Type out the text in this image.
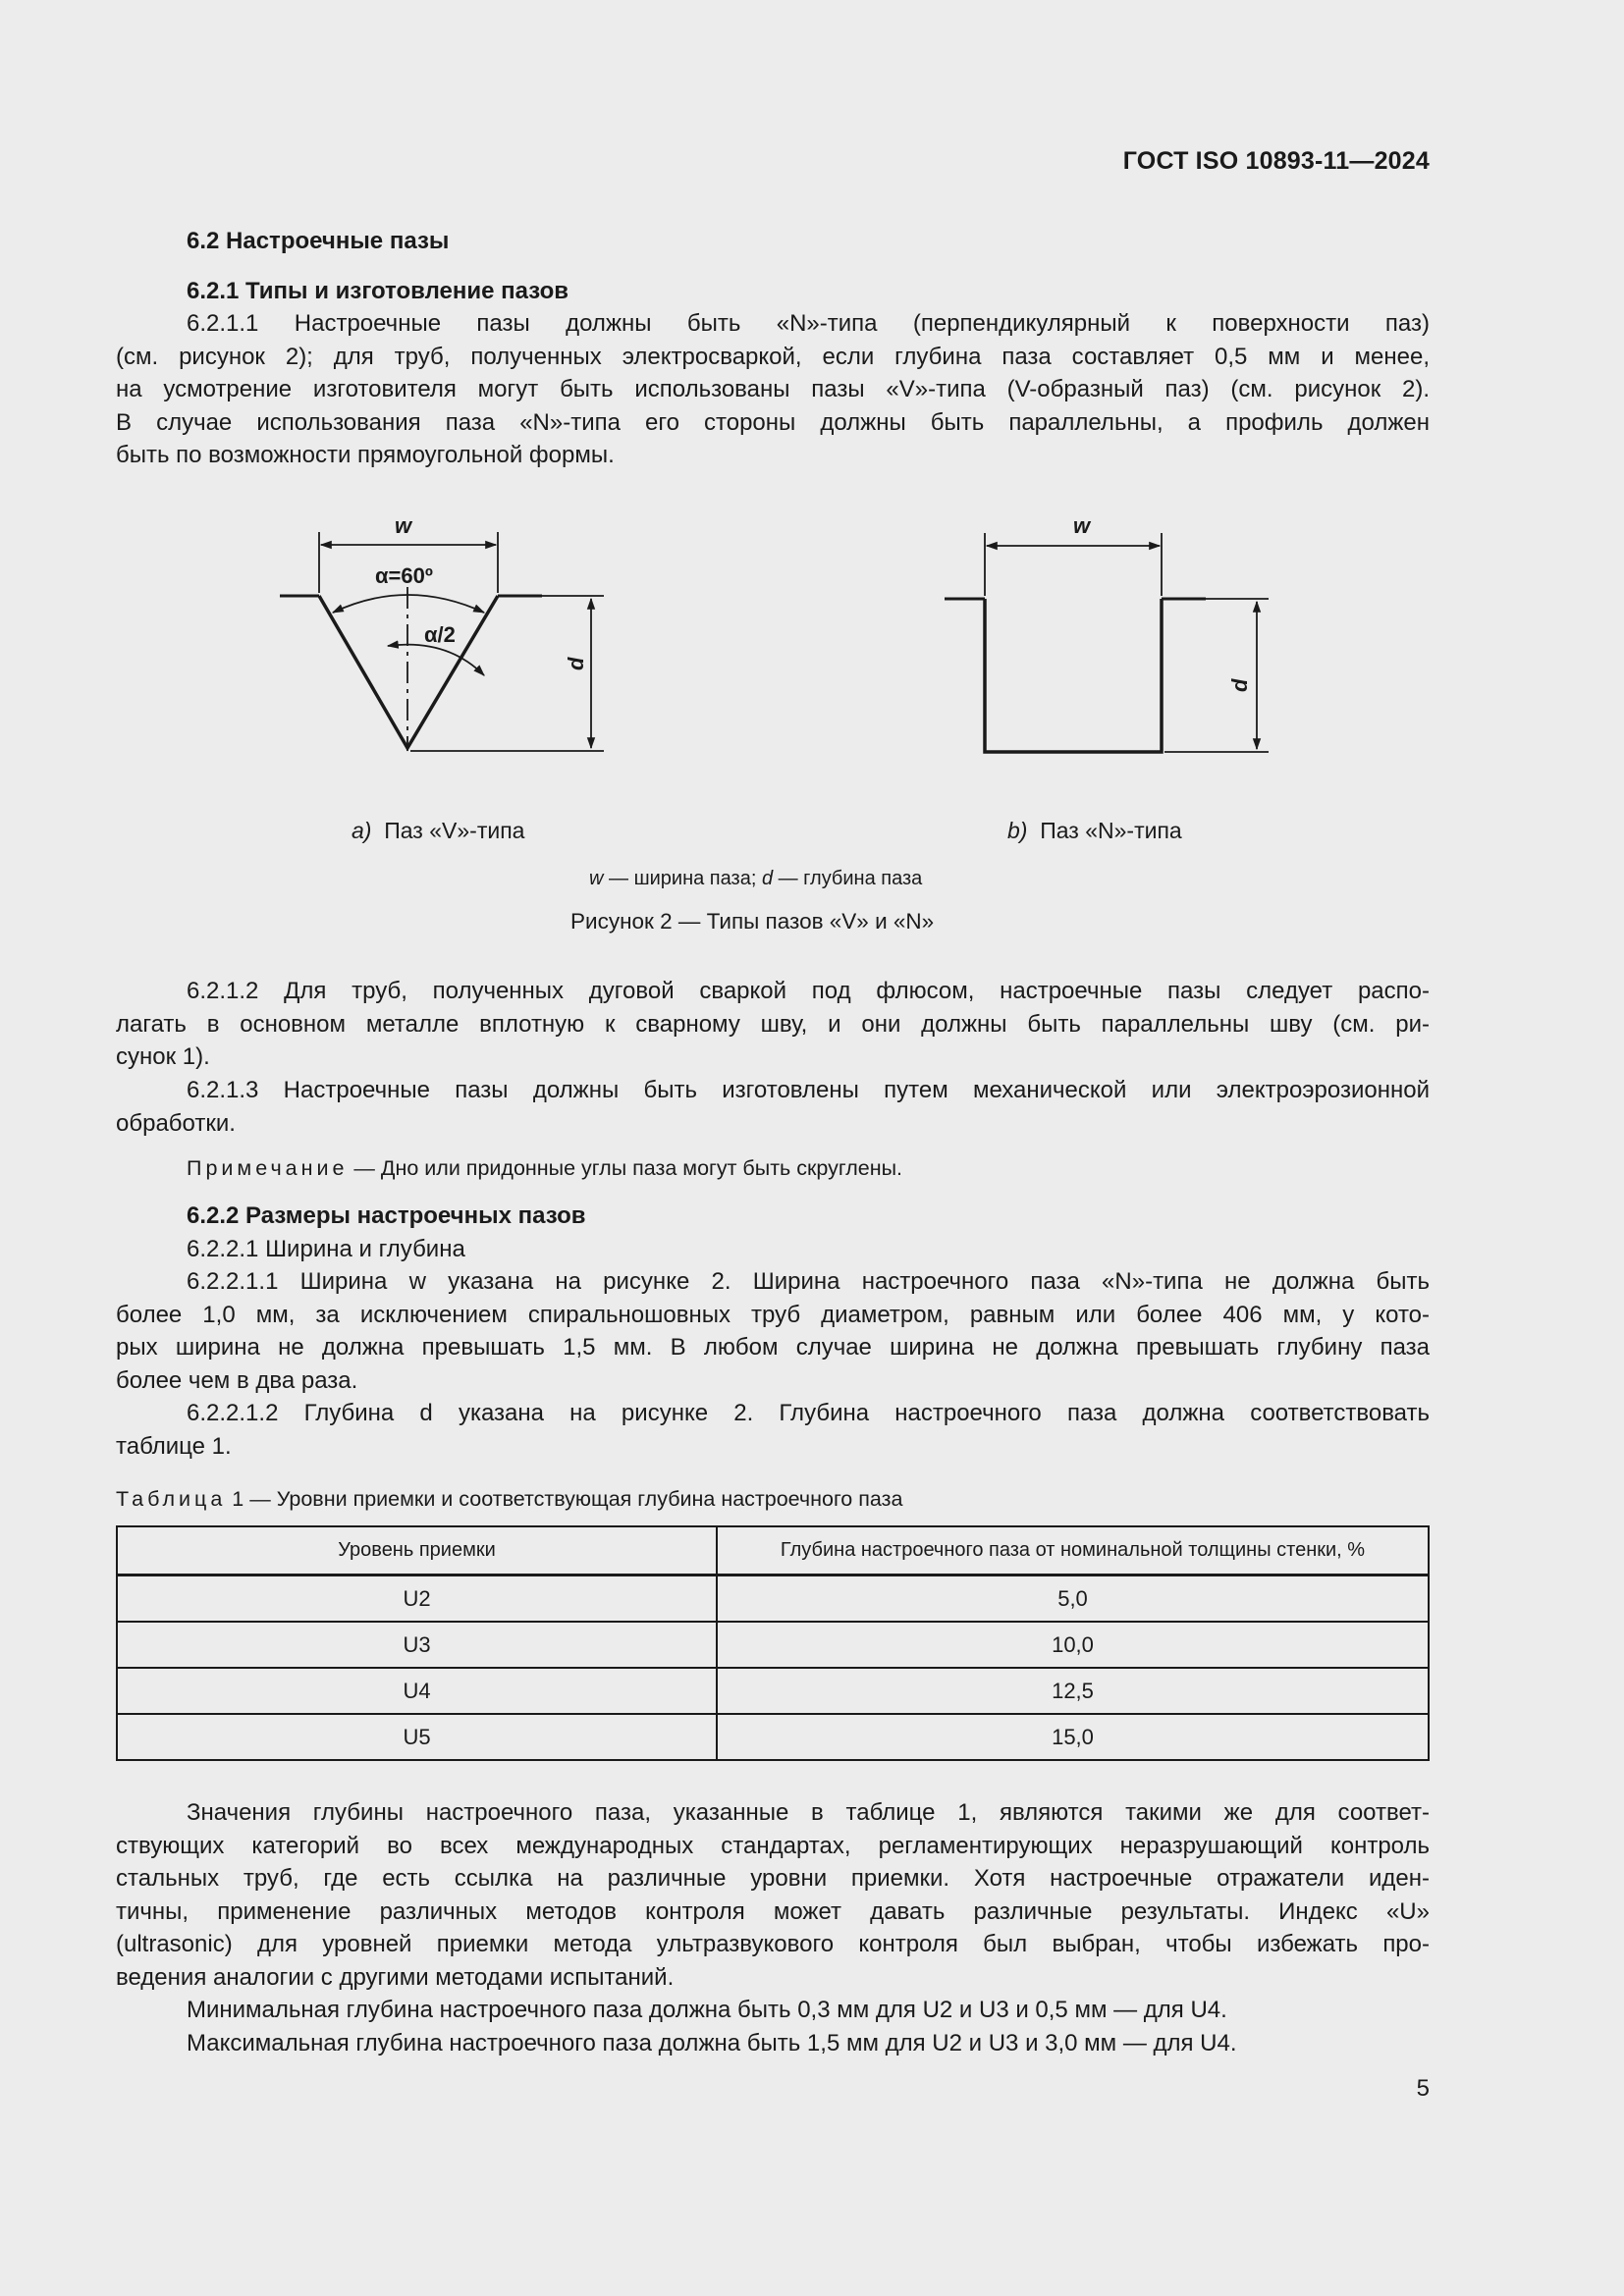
ГОСТ ISO 10893-11—2024
6.2 Настроечные пазы
6.2.1 Типы и изготовление пазов
6.2.1.1 Настроечные пазы должны быть «N»-типа (перпендикулярный к поверхности паз)
(см. рисунок 2); для труб, полученных электросваркой, если глубина паза составляет 0,5 мм и менее,
на усмотрение изготовителя могут быть использованы пазы «V»-типа (V-образный паз) (см. рисунок 2).
В случае использования паза «N»-типа его стороны должны быть параллельны, а профиль должен
быть по возможности прямоугольной формы.
w
α=60º
α/2
d
w
d
a) Паз «V»-типа	b) Паз «N»-типа
w — ширина паза; d — глубина паза
Рисунок 2 — Типы пазов «V» и «N»
6.2.1.2 Для труб, полученных дуговой сваркой под флюсом, настроечные пазы следует распо-
лагать в основном металле вплотную к сварному шву, и они должны быть параллельны шву (см. ри-
сунок 1).
6.2.1.3 Настроечные пазы должны быть изготовлены путем механической или электроэрозионной
обработки.
Примечание — Дно или придонные углы паза могут быть скруглены.
6.2.2 Размеры настроечных пазов
6.2.2.1 Ширина и глубина
6.2.2.1.1 Ширина w указана на рисунке 2. Ширина настроечного паза «N»-типа не должна быть
более 1,0 мм, за исключением спиральношовных труб диаметром, равным или более 406 мм, у кото-
рых ширина не должна превышать 1,5 мм. В любом случае ширина не должна превышать глубину паза
более чем в два раза.
6.2.2.1.2 Глубина d указана на рисунке 2. Глубина настроечного паза должна соответствовать
таблице 1.
Таблица 1 — Уровни приемки и соответствующая глубина настроечного паза
Уровень приемки	Глубина настроечного паза от номинальной толщины стенки, %
U2	5,0
U3	10,0
U4	12,5
U5	15,0
Значения глубины настроечного паза, указанные в таблице 1, являются такими же для соответ-
ствующих категорий во всех международных стандартах, регламентирующих неразрушающий контроль
стальных труб, где есть ссылка на различные уровни приемки. Хотя настроечные отражатели иден-
тичны, применение различных методов контроля может давать различные результаты. Индекс «U»
(ultrasonic) для уровней приемки метода ультразвукового контроля был выбран, чтобы избежать про-
ведения аналогии с другими методами испытаний.
Минимальная глубина настроечного паза должна быть 0,3 мм для U2 и U3 и 0,5 мм — для U4.
Максимальная глубина настроечного паза должна быть 1,5 мм для U2 и U3 и 3,0 мм — для U4.
5
